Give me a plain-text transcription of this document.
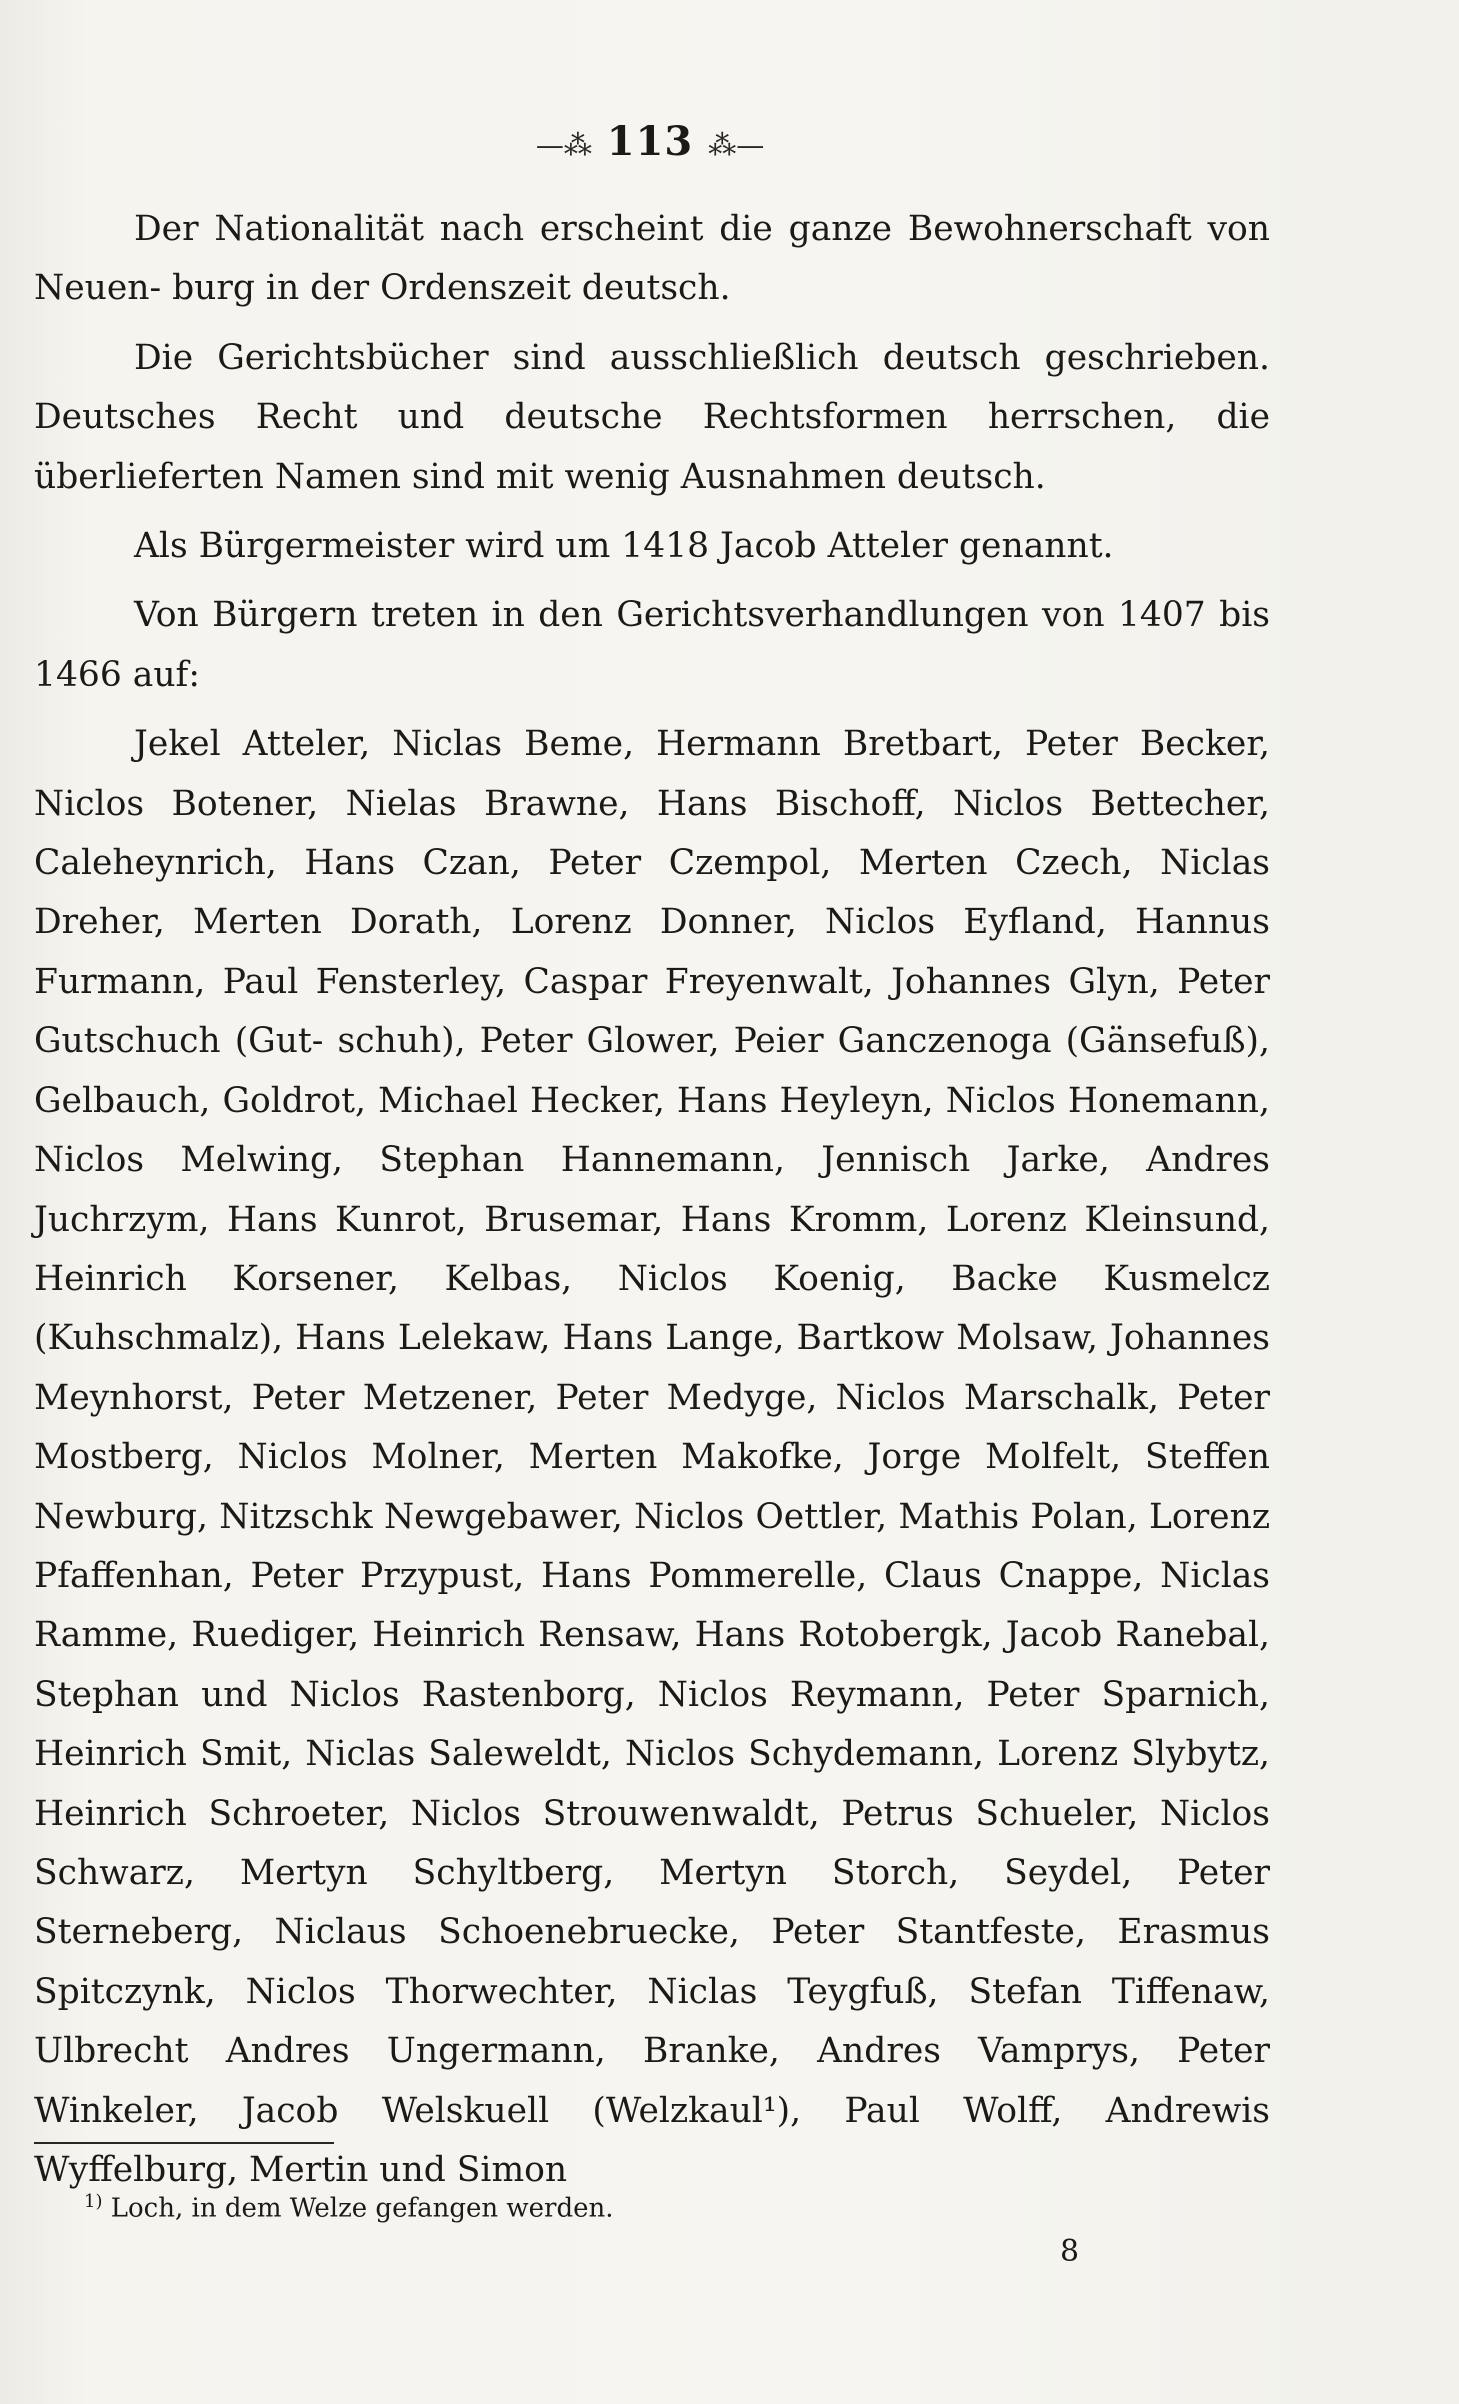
—⁂ 113 ⁂—

Der Nationalität nach erscheint die ganze Bewohnerschaft von Neuen- burg in der Ordenszeit deutsch.

Die Gerichtsbücher sind ausschließlich deutsch geschrieben. Deutsches Recht und deutsche Rechtsformen herrschen, die überlieferten Namen sind mit wenig Ausnahmen deutsch.

Als Bürgermeister wird um 1418 Jacob Atteler genannt.

Von Bürgern treten in den Gerichtsverhandlungen von 1407 bis 1466 auf:

Jekel Atteler, Niclas Beme, Hermann Bretbart, Peter Becker, Niclos Botener, Nielas Brawne, Hans Bischoff, Niclos Bettecher, Caleheynrich, Hans Czan, Peter Czempol, Merten Czech, Niclas Dreher, Merten Dorath, Lorenz Donner, Niclos Eyfland, Hannus Furmann, Paul Fensterley, Caspar Freyenwalt, Johannes Glyn, Peter Gutschuch (Gut- schuh), Peter Glower, Peier Ganczenoga (Gänsefuß), Gelbauch, Goldrot, Michael Hecker, Hans Heyleyn, Niclos Honemann, Niclos Melwing, Stephan Hannemann, Jennisch Jarke, Andres Juchrzym, Hans Kunrot, Brusemar, Hans Kromm, Lorenz Kleinsund, Heinrich Korsener, Kelbas, Niclos Koenig, Backe Kusmelcz (Kuhschmalz), Hans Lelekaw, Hans Lange, Bartkow Molsaw, Johannes Meynhorst, Peter Metzener, Peter Medyge, Niclos Marschalk, Peter Mostberg, Niclos Molner, Merten Makofke, Jorge Molfelt, Steffen Newburg, Nitzschk Newgebawer, Niclos Oettler, Mathis Polan, Lorenz Pfaffenhan, Peter Przypust, Hans Pommerelle, Claus Cnappe, Niclas Ramme, Ruediger, Heinrich Rensaw, Hans Rotobergk, Jacob Ranebal, Stephan und Niclos Rastenborg, Niclos Reymann, Peter Sparnich, Heinrich Smit, Niclas Saleweldt, Niclos Schydemann, Lorenz Slybytz, Heinrich Schroeter, Niclos Strouwenwaldt, Petrus Schueler, Niclos Schwarz, Mertyn Schyltberg, Mertyn Storch, Seydel, Peter Sterneberg, Niclaus Schoenebruecke, Peter Stantfeste, Erasmus Spitczynk, Niclos Thorwechter, Niclas Teygfuß, Stefan Tiffenaw, Ulbrecht Andres Ungermann, Branke, Andres Vamprys, Peter Winkeler, Jacob Welskuell (Welzkaul¹), Paul Wolff, Andrewis Wyffelburg, Mertin und Simon

$^{1)}$ Loch, in dem Welze gefangen werden.
8
